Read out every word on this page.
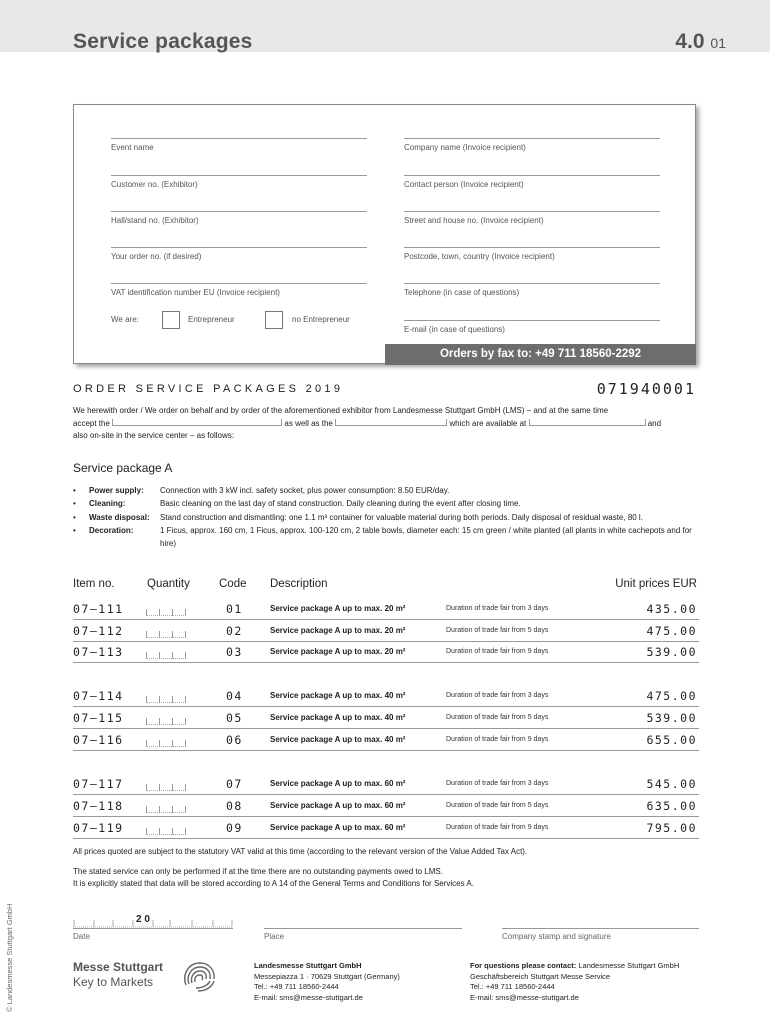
Service packages	4.0 01
Event name
Customer no. (Exhibitor)
Hall/stand no. (Exhibitor)
Your order no. (if desired)
VAT identification number EU (Invoice recipient)
Company name (Invoice recipient)
Contact person (Invoice recipient)
Street and house no. (Invoice recipient)
Postcode, town, country (Invoice recipient)
Telephone (in case of questions)
E-mail (in case of questions)
We are:	Entrepreneur	no Entrepreneur
Orders by fax to: +49 711 18560-2292
ORDER SERVICE PACKAGES 2019	071940001
We herewith order / We order on behalf and by order of the aforementioned exhibitor from Landesmesse Stuttgart GmbH (LMS) – and at the same time
accept the	as well as the	which are available at	and
also on-site in the service center – as follows:
Service package A
•	Power supply:	Connection with 3 kW incl. safety socket, plus power consumption: 8.50 EUR/day.
•	Cleaning:	Basic cleaning on the last day of stand construction. Daily cleaning during the event after closing time.
•	Waste disposal:	Stand construction and dismantling: one 1.1 m³ container for valuable material during both periods. Daily disposal of residual waste, 80 l.
•	Decoration:	1 Ficus, approx. 160 cm, 1 Ficus, approx. 100-120 cm, 2 table bowls, diameter each: 15 cm green / white planted (all plants in white cachepots and for hire)
Item no.	Quantity	Code Description	Unit prices EUR
07–111	01	Service package A up to max. 20 m²	Duration of trade fair from 3 days	435.00
07–112	02	Service package A up to max. 20 m²	Duration of trade fair from 5 days	475.00
07–113	03	Service package A up to max. 20 m²	Duration of trade fair from 9 days	539.00
07–114	04	Service package A up to max. 40 m²	Duration of trade fair from 3 days	475.00
07–115	05	Service package A up to max. 40 m²	Duration of trade fair from 5 days	539.00
07–116	06	Service package A up to max. 40 m²	Duration of trade fair from 9 days	655.00
07–117	07	Service package A up to max. 60 m²	Duration of trade fair from 3 days	545.00
07–118	08	Service package A up to max. 60 m²	Duration of trade fair from 5 days	635.00
07–119	09	Service package A up to max. 60 m²	Duration of trade fair from 9 days	795.00
All prices quoted are subject to the statutory VAT valid at this time (according to the relevant version of the Value Added Tax Act).
The stated service can only be performed if at the time there are no outstanding payments owed to LMS.
It is explicitly stated that data will be stored according to A 14 of the General Terms and Conditions for Services A.
2 0
Date	Place	Company stamp and signature
© Landesmesse Stuttgart GmbH	Messe Stuttgart
Key to Markets
Landesmesse Stuttgart GmbH
Messepiazza 1 · 70629 Stuttgart (Germany)
Tel.: +49 711 18560-2444
E-mail: sms@messe-stuttgart.de
For questions please contact: Landesmesse Stuttgart GmbH
Geschäftsbereich Stuttgart Messe Service
Tel.: +49 711 18560-2444
E-mail: sms@messe-stuttgart.de
